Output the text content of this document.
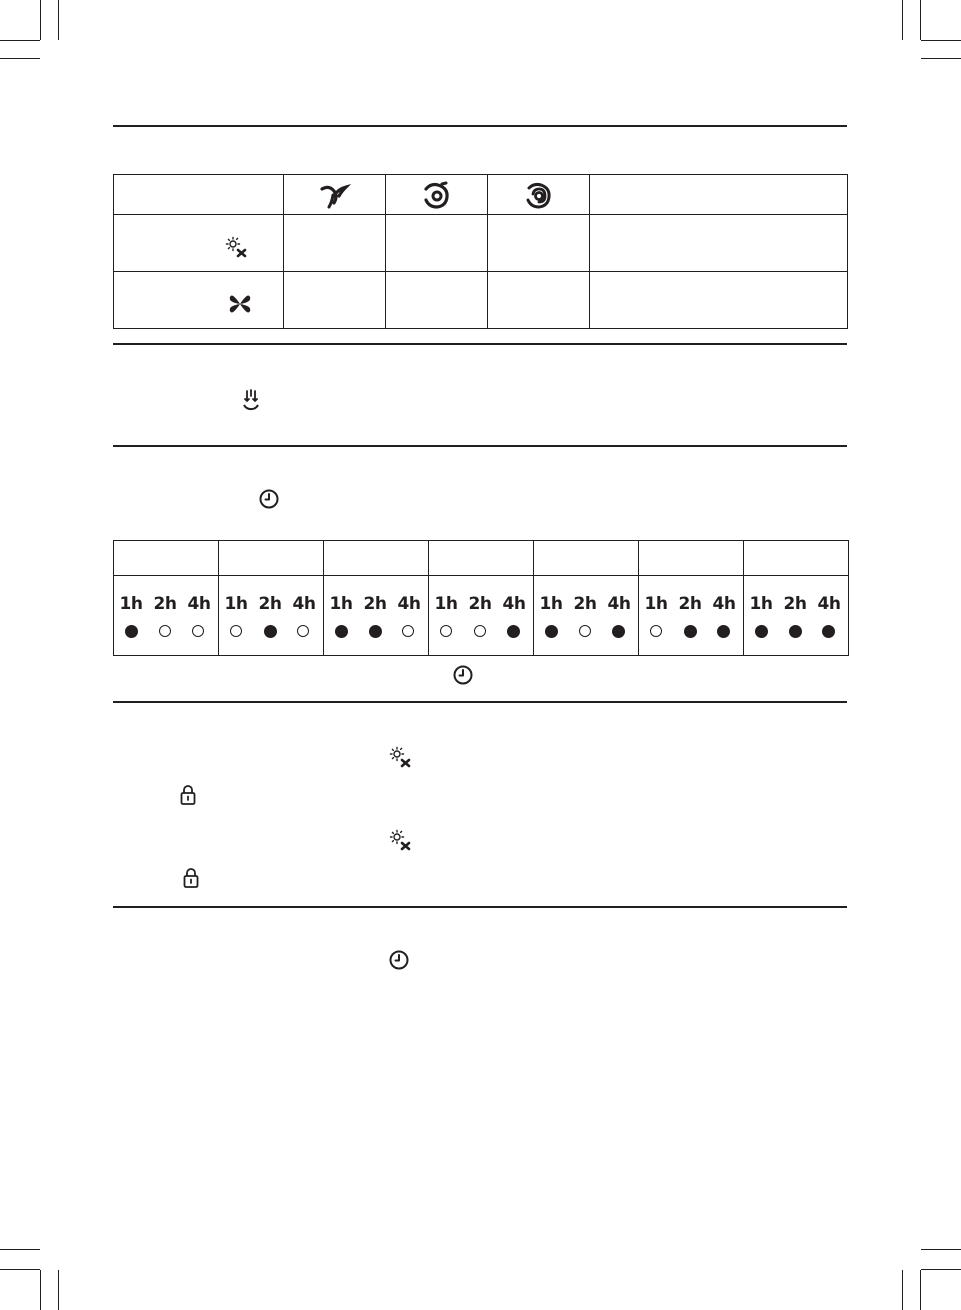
1h 2h 4h	1h 2h 4h	1h 2h 4h	1h 2h 4h	1h 2h 4h	1h 2h 4h	1h 2h 4h
